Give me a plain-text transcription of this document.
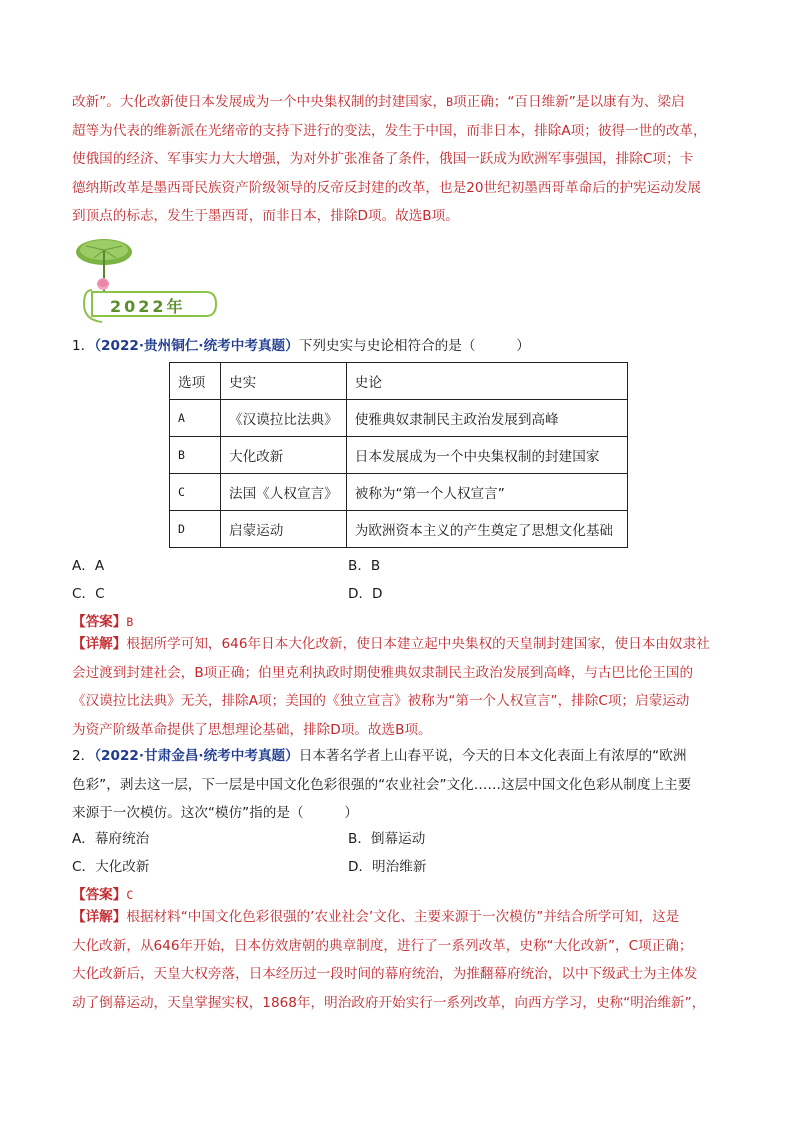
改新”。大化改新使日本发展成为一个中央集权制的封建国家，B项正确；“百日维新”是以康有为、梁启
超等为代表的维新派在光绪帝的支持下进行的变法，发生于中国，而非日本，排除A项；彼得一世的改革，
使俄国的经济、军事实力大大增强，为对外扩张准备了条件，俄国一跃成为欧洲军事强国，排除C项；卡
德纳斯改革是墨西哥民族资产阶级领导的反帝反封建的改革，也是20世纪初墨西哥革命后的护宪运动发展
到顶点的标志，发生于墨西哥，而非日本，排除D项。故选B项。
2022年
1．（2022·贵州铜仁·统考中考真题）下列史实与史论相符合的是（　　　）
选项	史实	史论
A	《汉谟拉比法典》	使雅典奴隶制民主政治发展到高峰
B	大化改新	日本发展成为一个中央集权制的封建国家
C	法国《人权宣言》	被称为“第一个人权宣言”
D	启蒙运动	为欧洲资本主义的产生奠定了思想文化基础
A．A	B．B
C．C	D．D
【答案】B
【详解】根据所学可知，646年日本大化改新，使日本建立起中央集权的天皇制封建国家，使日本由奴隶社
会过渡到封建社会，B项正确；伯里克利执政时期使雅典奴隶制民主政治发展到高峰，与古巴比伦王国的
《汉谟拉比法典》无关，排除A项；美国的《独立宣言》被称为“第一个人权宣言”，排除C项；启蒙运动
为资产阶级革命提供了思想理论基础，排除D项。故选B项。
2．（2022·甘肃金昌·统考中考真题）日本著名学者上山春平说，今天的日本文化表面上有浓厚的“欧洲
色彩”，剥去这一层，下一层是中国文化色彩很强的“农业社会”文化……这层中国文化色彩从制度上主要
来源于一次模仿。这次“模仿”指的是（　　　）
A．幕府统治	B．倒幕运动
C．大化改新	D．明治维新
【答案】C
【详解】根据材料“中国文化色彩很强的’农业社会’文化、主要来源于一次模仿”并结合所学可知，这是
大化改新，从646年开始，日本仿效唐朝的典章制度，进行了一系列改革，史称“大化改新”，C项正确；
大化改新后，天皇大权旁落，日本经历过一段时间的幕府统治，为推翻幕府统治，以中下级武士为主体发
动了倒幕运动，天皇掌握实权，1868年，明治政府开始实行一系列改革，向西方学习，史称“明治维新”，
